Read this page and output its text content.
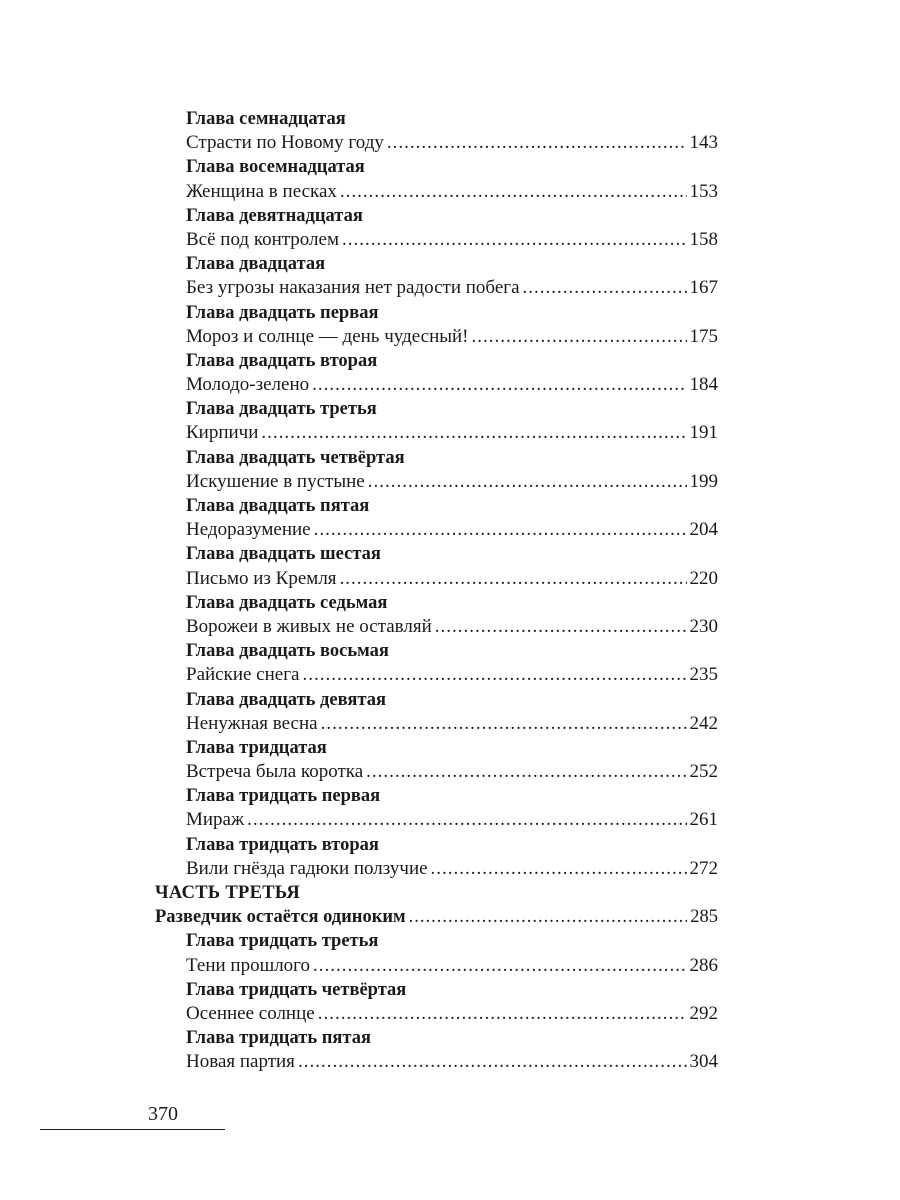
Глава семнадцатая
Страсти по Новому году .....	143
Глава восемнадцатая
Женщина в песках .....	153
Глава девятнадцатая
Всё под контролем .....	158
Глава двадцатая
Без угрозы наказания нет радости побега .....	167
Глава двадцать первая
Мороз и солнце — день чудесный! .....	175
Глава двадцать вторая
Молодо-зелено .....	184
Глава двадцать третья
Кирпичи .....	191
Глава двадцать четвёртая
Искушение в пустыне .....	199
Глава двадцать пятая
Недоразумение .....	204
Глава двадцать шестая
Письмо из Кремля .....	220
Глава двадцать седьмая
Ворожеи в живых не оставляй .....	230
Глава двадцать восьмая
Райские снега .....	235
Глава двадцать девятая
Ненужная весна .....	242
Глава тридцатая
Встреча была коротка .....	252
Глава тридцать первая
Мираж .....	261
Глава тридцать вторая
Вили гнёзда гадюки ползучие .....	272
ЧАСТЬ ТРЕТЬЯ
Разведчик остаётся одиноким .....	285
Глава тридцать третья
Тени прошлого .....	286
Глава тридцать четвёртая
Осеннее солнце .....	292
Глава тридцать пятая
Новая партия .....	304
370
